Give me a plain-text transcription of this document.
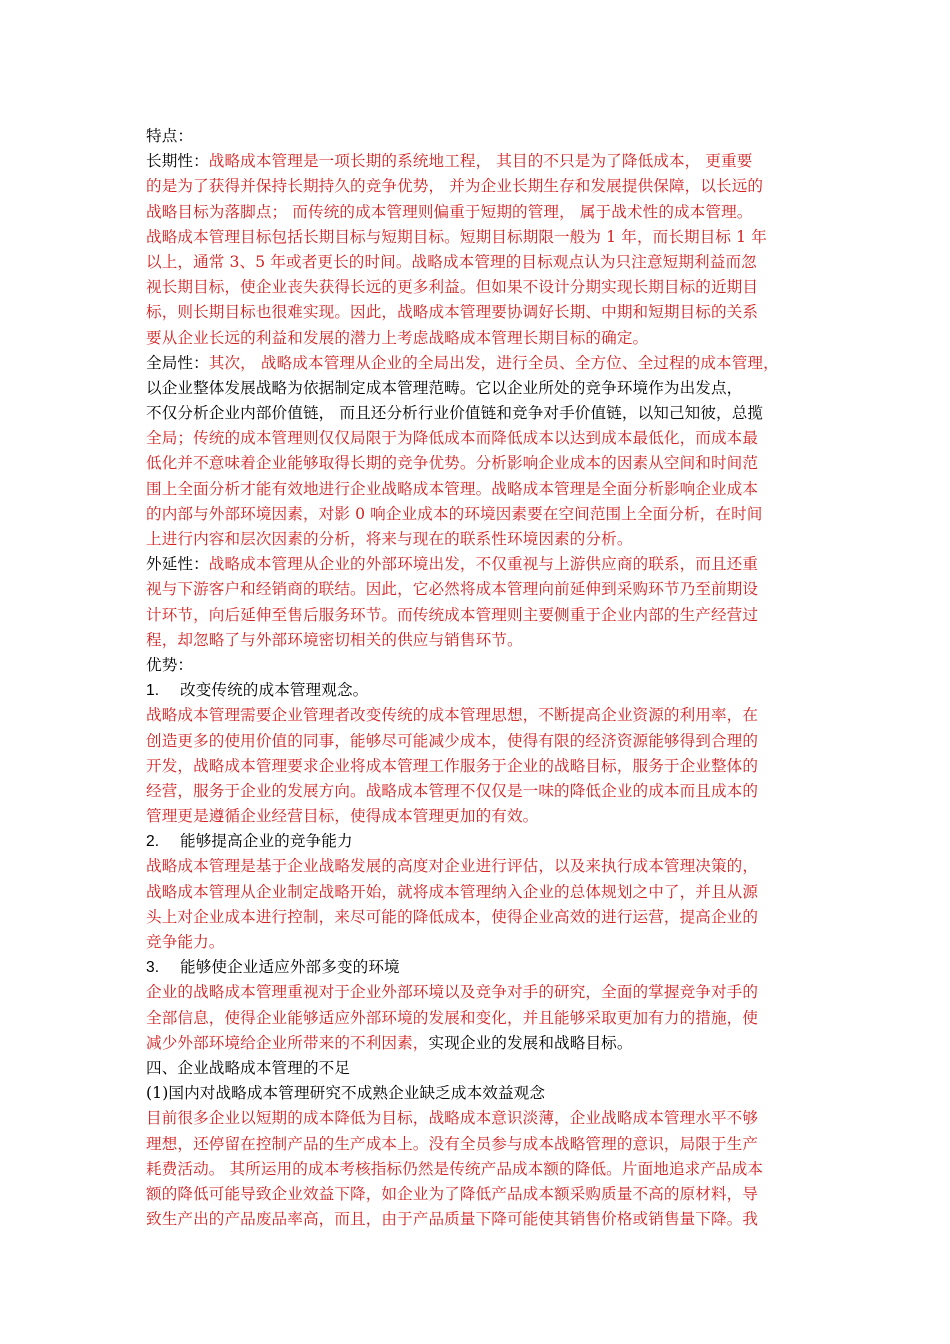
特点：
长期性：战略成本管理是一项长期的系统地工程， 其目的不只是为了降低成本， 更重要
的是为了获得并保持长期持久的竞争优势， 并为企业长期生存和发展提供保障，以长远的
战略目标为落脚点； 而传统的成本管理则偏重于短期的管理， 属于战术性的成本管理。
战略成本管理目标包括长期目标与短期目标。短期目标期限一般为 1 年，而长期目标 1 年
以上，通常 3、5 年或者更长的时间。战略成本管理的目标观点认为只注意短期利益而忽
视长期目标，使企业丧失获得长远的更多利益。但如果不设计分期实现长期目标的近期目
标，则长期目标也很难实现。因此，战略成本管理要协调好长期、中期和短期目标的关系
要从企业长远的利益和发展的潜力上考虑战略成本管理长期目标的确定。
全局性：其次， 战略成本管理从企业的全局出发，进行全员、全方位、全过程的成本管理，
以企业整体发展战略为依据制定成本管理范畴。它以企业所处的竞争环境作为出发点，
不仅分析企业内部价值链， 而且还分析行业价值链和竞争对手价值链，以知己知彼，总揽
全局；传统的成本管理则仅仅局限于为降低成本而降低成本以达到成本最低化，而成本最
低化并不意味着企业能够取得长期的竞争优势。分析影响企业成本的因素从空间和时间范
围上全面分析才能有效地进行企业战略成本管理。战略成本管理是全面分析影响企业成本
的内部与外部环境因素，对影 0 响企业成本的环境因素要在空间范围上全面分析，在时间
上进行内容和层次因素的分析，将来与现在的联系性环境因素的分析。
外延性：战略成本管理从企业的外部环境出发，不仅重视与上游供应商的联系，而且还重
视与下游客户和经销商的联结。因此，它必然将成本管理向前延伸到采购环节乃至前期设
计环节，向后延伸至售后服务环节。而传统成本管理则主要侧重于企业内部的生产经营过
程，却忽略了与外部环境密切相关的供应与销售环节。
优势：
1. 改变传统的成本管理观念。
战略成本管理需要企业管理者改变传统的成本管理思想，不断提高企业资源的利用率，在
创造更多的使用价值的同事，能够尽可能减少成本，使得有限的经济资源能够得到合理的
开发，战略成本管理要求企业将成本管理工作服务于企业的战略目标，服务于企业整体的
经营，服务于企业的发展方向。战略成本管理不仅仅是一味的降低企业的成本而且成本的
管理更是遵循企业经营目标，使得成本管理更加的有效。
2. 能够提高企业的竞争能力
战略成本管理是基于企业战略发展的高度对企业进行评估，以及来执行成本管理决策的，
战略成本管理从企业制定战略开始，就将成本管理纳入企业的总体规划之中了，并且从源
头上对企业成本进行控制，来尽可能的降低成本，使得企业高效的进行运营，提高企业的
竞争能力。
3. 能够使企业适应外部多变的环境
企业的战略成本管理重视对于企业外部环境以及竞争对手的研究，全面的掌握竞争对手的
全部信息，使得企业能够适应外部环境的发展和变化，并且能够采取更加有力的措施，使
减少外部环境给企业所带来的不利因素，实现企业的发展和战略目标。
四、企业战略成本管理的不足
(1)国内对战略成本管理研究不成熟企业缺乏成本效益观念
目前很多企业以短期的成本降低为目标，战略成本意识淡薄，企业战略成本管理水平不够
理想，还停留在控制产品的生产成本上。没有全员参与成本战略管理的意识，局限于生产
耗费活动。 其所运用的成本考核指标仍然是传统产品成本额的降低。片面地追求产品成本
额的降低可能导致企业效益下降，如企业为了降低产品成本额采购质量不高的原材料，导
致生产出的产品废品率高，而且，由于产品质量下降可能使其销售价格或销售量下降。我
